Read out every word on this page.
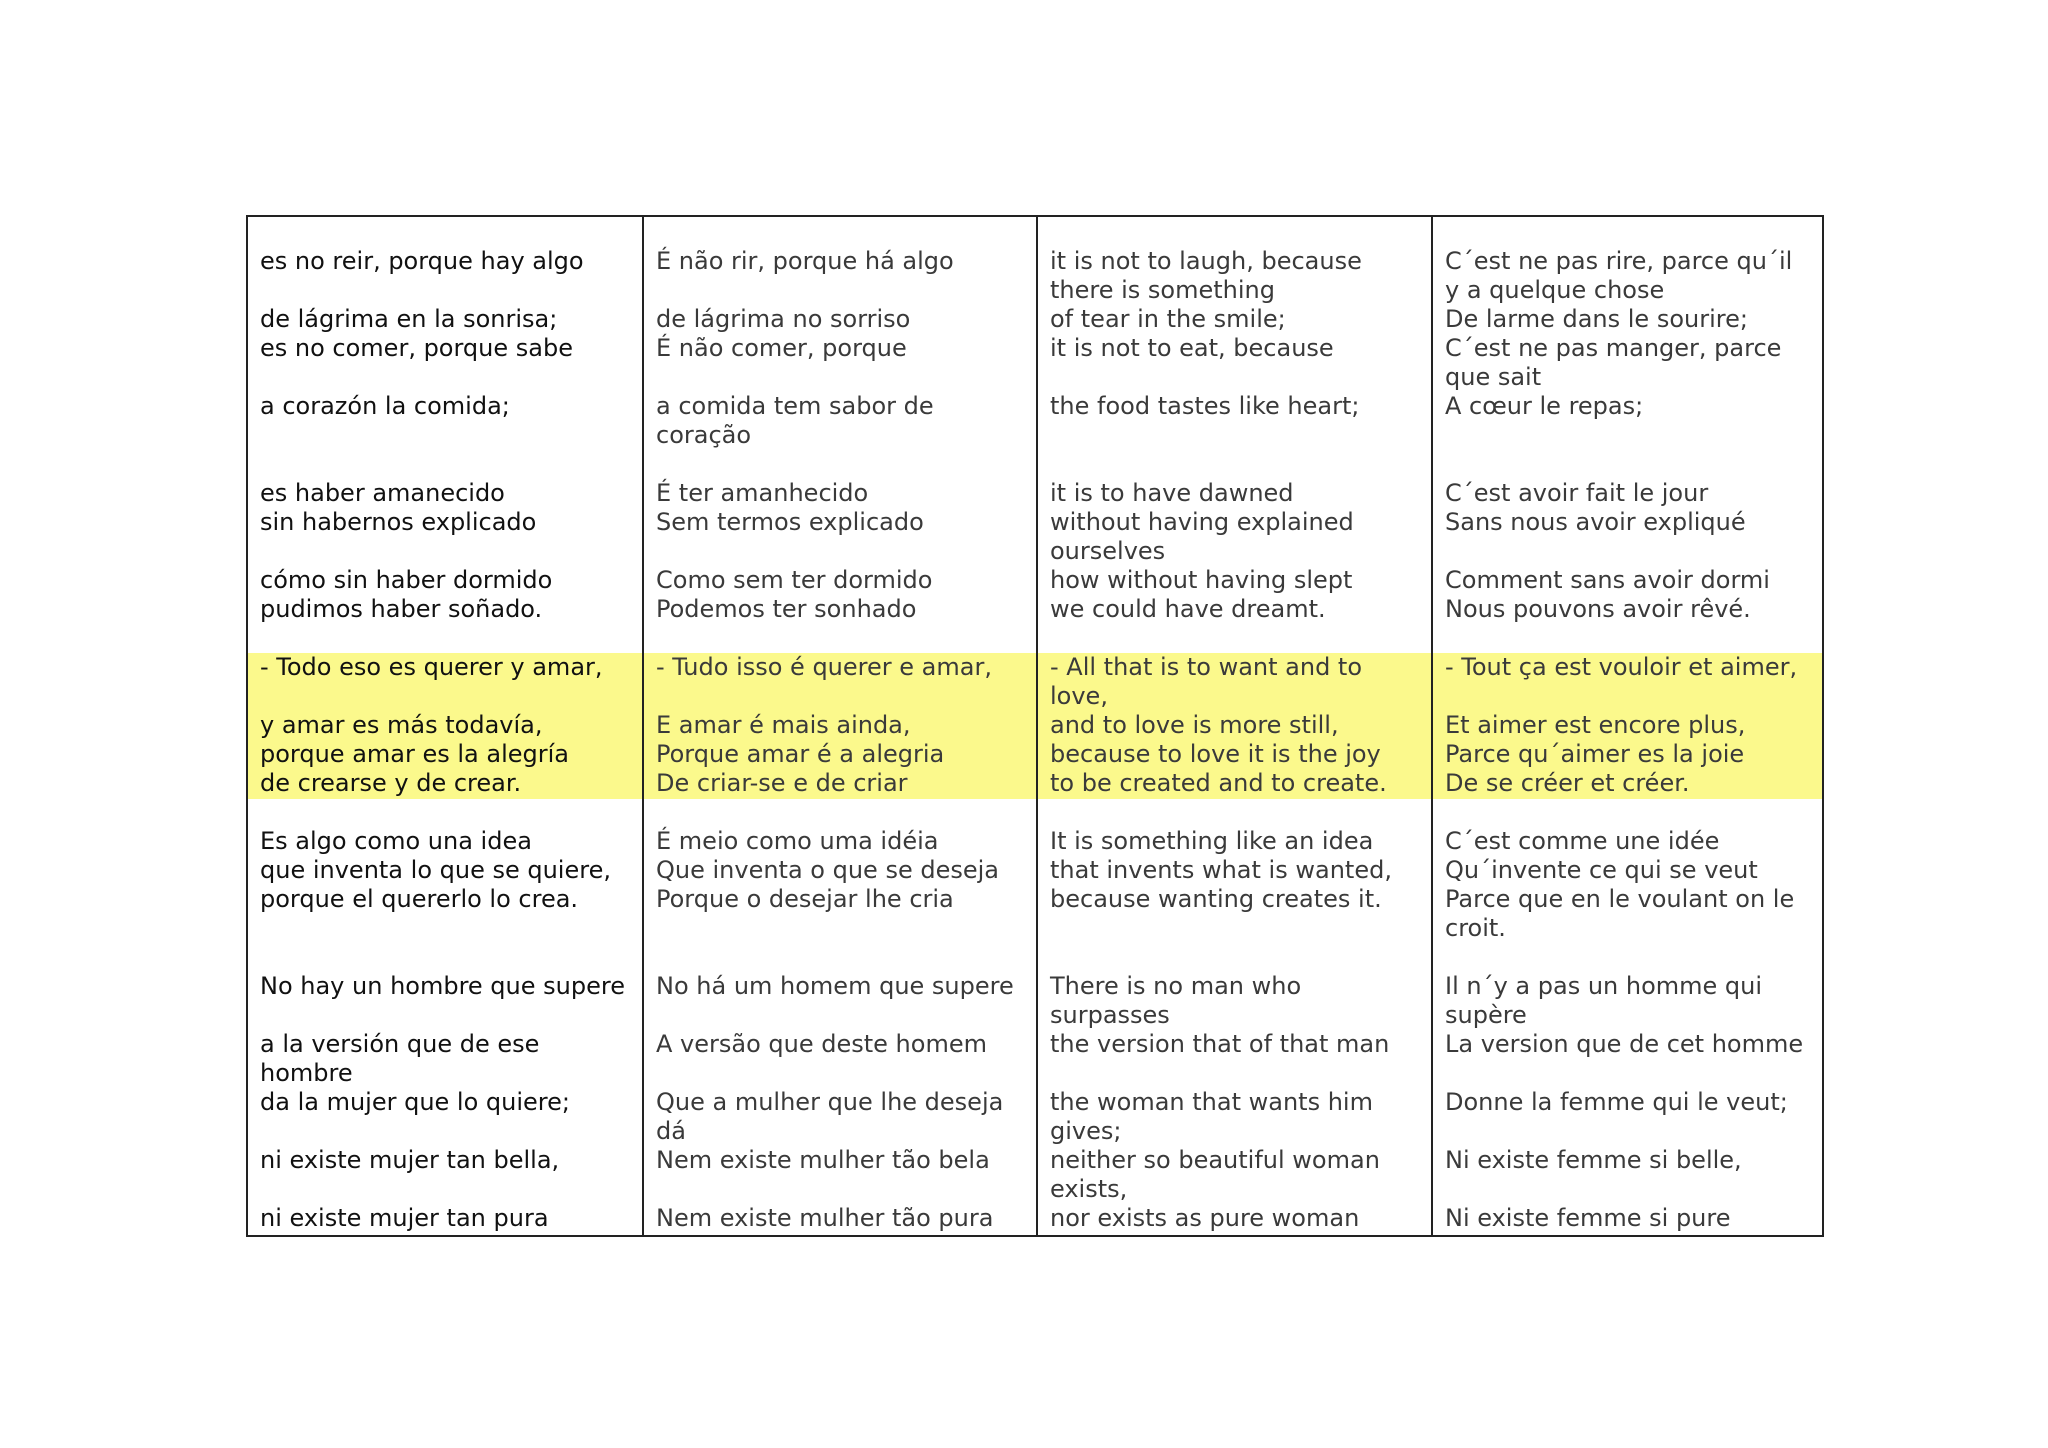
es no reir, porque hay algo
de lágrima en la sonrisa;
es no comer, porque sabe
a corazón la comida;
es haber amanecido
sin habernos explicado
cómo sin haber dormido
pudimos haber soñado.
- Todo eso es querer y amar,
y amar es más todavía,
porque amar es la alegría
de crearse y de crear.
Es algo como una idea
que inventa lo que se quiere,
porque el quererlo lo crea.
No hay un hombre que supere
a la versión que de ese
hombre
da la mujer que lo quiere;
ni existe mujer tan bella,
ni existe mujer tan pura
É não rir, porque há algo
de lágrima no sorriso
É não comer, porque
a comida tem sabor de
coração
É ter amanhecido
Sem termos explicado
Como sem ter dormido
Podemos ter sonhado
- Tudo isso é querer e amar,
E amar é mais ainda,
Porque amar é a alegria
De criar-se e de criar
É meio como uma idéia
Que inventa o que se deseja
Porque o desejar lhe cria
No há um homem que supere
A versão que deste homem
Que a mulher que lhe deseja
dá
Nem existe mulher tão bela
Nem existe mulher tão pura
it is not to laugh, because
there is something
of tear in the smile;
it is not to eat, because
the food tastes like heart;
it is to have dawned
without having explained
ourselves
how without having slept
we could have dreamt.
- All that is to want and to
love,
and to love is more still,
because to love it is the joy
to be created and to create.
It is something like an idea
that invents what is wanted,
because wanting creates it.
There is no man who
surpasses
the version that of that man
the woman that wants him
gives;
neither so beautiful woman
exists,
nor exists as pure woman
C´est ne pas rire, parce qu´il
y a quelque chose
De larme dans le sourire;
C´est ne pas manger, parce
que sait
A cœur le repas;
C´est avoir fait le jour
Sans nous avoir expliqué
Comment sans avoir dormi
Nous pouvons avoir rêvé.
- Tout ça est vouloir et aimer,
Et aimer est encore plus,
Parce qu´aimer es la joie
De se créer et créer.
C´est comme une idée
Qu´invente ce qui se veut
Parce que en le voulant on le
croit.
Il n´y a pas un homme qui
supère
La version que de cet homme
Donne la femme qui le veut;
Ni existe femme si belle,
Ni existe femme si pure
